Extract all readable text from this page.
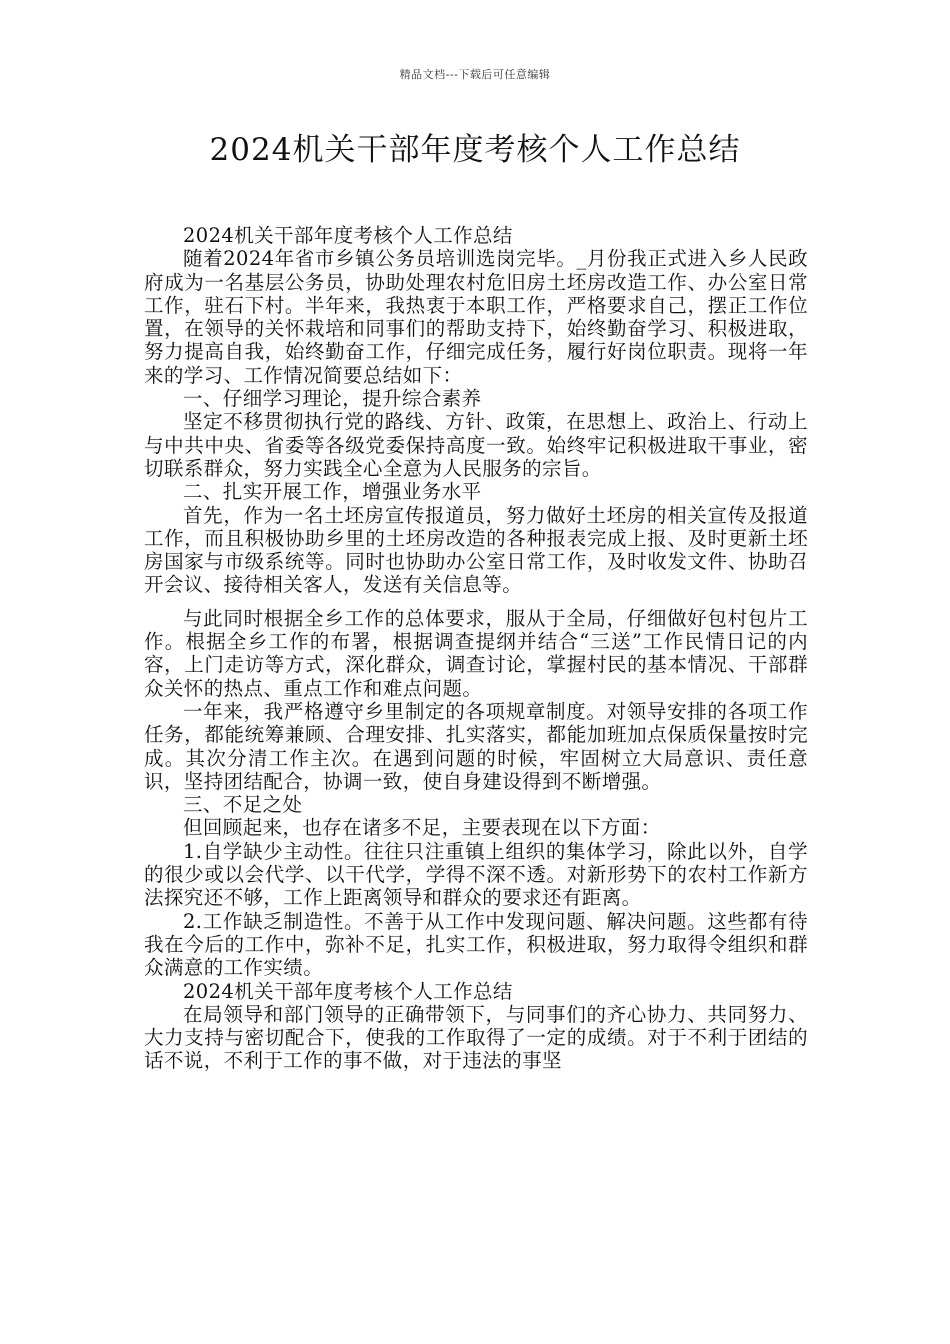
精品文档---下载后可任意编辑
2024机关干部年度考核个人工作总结

2024机关干部年度考核个人工作总结

随着2024年省市乡镇公务员培训选岗完毕。_月份我正式进入乡人民政府成为一名基层公务员，协助处理农村危旧房土坯房改造工作、办公室日常工作，驻石下村。半年来，我热衷于本职工作，严格要求自己，摆正工作位置，在领导的关怀栽培和同事们的帮助支持下，始终勤奋学习、积极进取，努力提高自我，始终勤奋工作，仔细完成任务，履行好岗位职责。现将一年来的学习、工作情况简要总结如下：

一、仔细学习理论，提升综合素养

坚定不移贯彻执行党的路线、方针、政策，在思想上、政治上、行动上与中共中央、省委等各级党委保持高度一致。始终牢记积极进取干事业，密切联系群众，努力实践全心全意为人民服务的宗旨。

二、扎实开展工作，增强业务水平

首先，作为一名土坯房宣传报道员，努力做好土坯房的相关宣传及报道工作，而且积极协助乡里的土坯房改造的各种报表完成上报、及时更新土坯房国家与市级系统等。同时也协助办公室日常工作，及时收发文件、协助召开会议、接待相关客人，发送有关信息等。

与此同时根据全乡工作的总体要求，服从于全局，仔细做好包村包片工作。根据全乡工作的布署，根据调查提纲并结合“三送”工作民情日记的内容，上门走访等方式，深化群众，调查讨论，掌握村民的基本情况、干部群众关怀的热点、重点工作和难点问题。

一年来，我严格遵守乡里制定的各项规章制度。对领导安排的各项工作任务，都能统筹兼顾、合理安排、扎实落实，都能加班加点保质保量按时完成。其次分清工作主次。在遇到问题的时候，牢固树立大局意识、责任意识，坚持团结配合，协调一致，使自身建设得到不断增强。

三、不足之处

但回顾起来，也存在诸多不足，主要表现在以下方面：

1.自学缺少主动性。往往只注重镇上组织的集体学习，除此以外，自学的很少或以会代学、以干代学，学得不深不透。对新形势下的农村工作新方法探究还不够，工作上距离领导和群众的要求还有距离。

2.工作缺乏制造性。不善于从工作中发现问题、解决问题。这些都有待我在今后的工作中，弥补不足，扎实工作，积极进取，努力取得令组织和群众满意的工作实绩。

2024机关干部年度考核个人工作总结

在局领导和部门领导的正确带领下，与同事们的齐心协力、共同努力、大力支持与密切配合下，使我的工作取得了一定的成绩。对于不利于团结的话不说，不利于工作的事不做，对于违法的事坚
